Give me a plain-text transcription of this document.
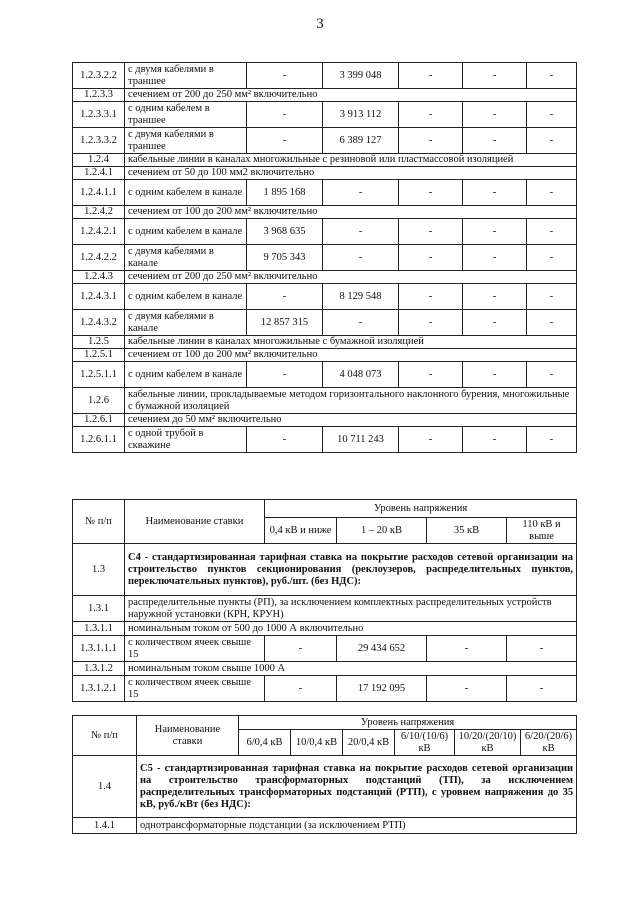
3
1.2.3.2.2	с двумя кабелями в траншее	-	3 399 048	-	-	-
1.2.3.3	сечением от 200 до 250 мм² включительно					
1.2.3.3.1	с одним кабелем в траншее	-	3 913 112	-	-	-
1.2.3.3.2	с двумя кабелями в траншее	-	6 389 127	-	-	-
1.2.4	кабельные линии в каналах многожильные с резиновой или пластмассовой изоляцией					
1.2.4.1	сечением от 50 до 100 мм2 включительно					
1.2.4.1.1	с одним кабелем в канале	1 895 168	-	-	-	-
1.2.4.2	сечением от 100 до 200 мм² включительно					
1.2.4.2.1	с одним кабелем в канале	3 968 635	-	-	-	-
1.2.4.2.2	с двумя кабелями в канале	9 705 343	-	-	-	-
1.2.4.3	сечением от 200 до 250 мм² включительно					
1.2.4.3.1	с одним кабелем в канале	-	8 129 548	-	-	-
1.2.4.3.2	с двумя кабелями в канале	12 857 315	-	-	-	-
1.2.5	кабельные линии в каналах многожильные с бумажной изоляцией					
1.2.5.1	сечением от 100 до 200 мм² включительно					
1.2.5.1.1	с одним кабелем в канале	-	4 048 073	-	-	-
1.2.6	кабельные линии, прокладываемые методом горизонтального наклонного бурения, многожильные с бумажной изоляцией					
1.2.6.1	сечением до 50 мм² включительно					
1.2.6.1.1	с одной трубой в скважине	-	10 711 243	-	-	-
№ п/п	Наименование ставки	Уровень напряжения			
		0,4 кВ и ниже	1 – 20 кВ	35 кВ	110 кВ и выше
1.3	С4 - стандартизированная тарифная ставка на покрытие расходов сетевой организации на строительство пунктов секционирования (реклоузеров, распределительных пунктов, переключательных пунктов), руб./шт. (без НДС):				
1.3.1	распределительные пункты (РП), за исключением комплектных распределительных устройств наружной установки (КРН, КРУН)				
1.3.1.1	номинальным током от 500 до 1000 А включительно				
1.3.1.1.1	с количеством ячеек свыше 15	-	29 434 652	-	-
1.3.1.2	номинальным током свыше 1000 А				
1.3.1.2.1	с количеством ячеек свыше 15	-	17 192 095	-	-
№ п/п	Наименование ставки	Уровень напряжения					
		6/0,4 кВ	10/0,4 кВ	20/0,4 кВ	6/10/(10/6) кВ	10/20/(20/10) кВ	6/20/(20/6) кВ
1.4	С5 - стандартизированная тарифная ставка на покрытие расходов сетевой организации на строительство трансформаторных подстанций (ТП), за исключением распределительных трансформаторных подстанций (РТП), с уровнем напряжения до 35 кВ, руб./кВт (без НДС):						
1.4.1	однотрансформаторные подстанции (за исключением РТП)						
